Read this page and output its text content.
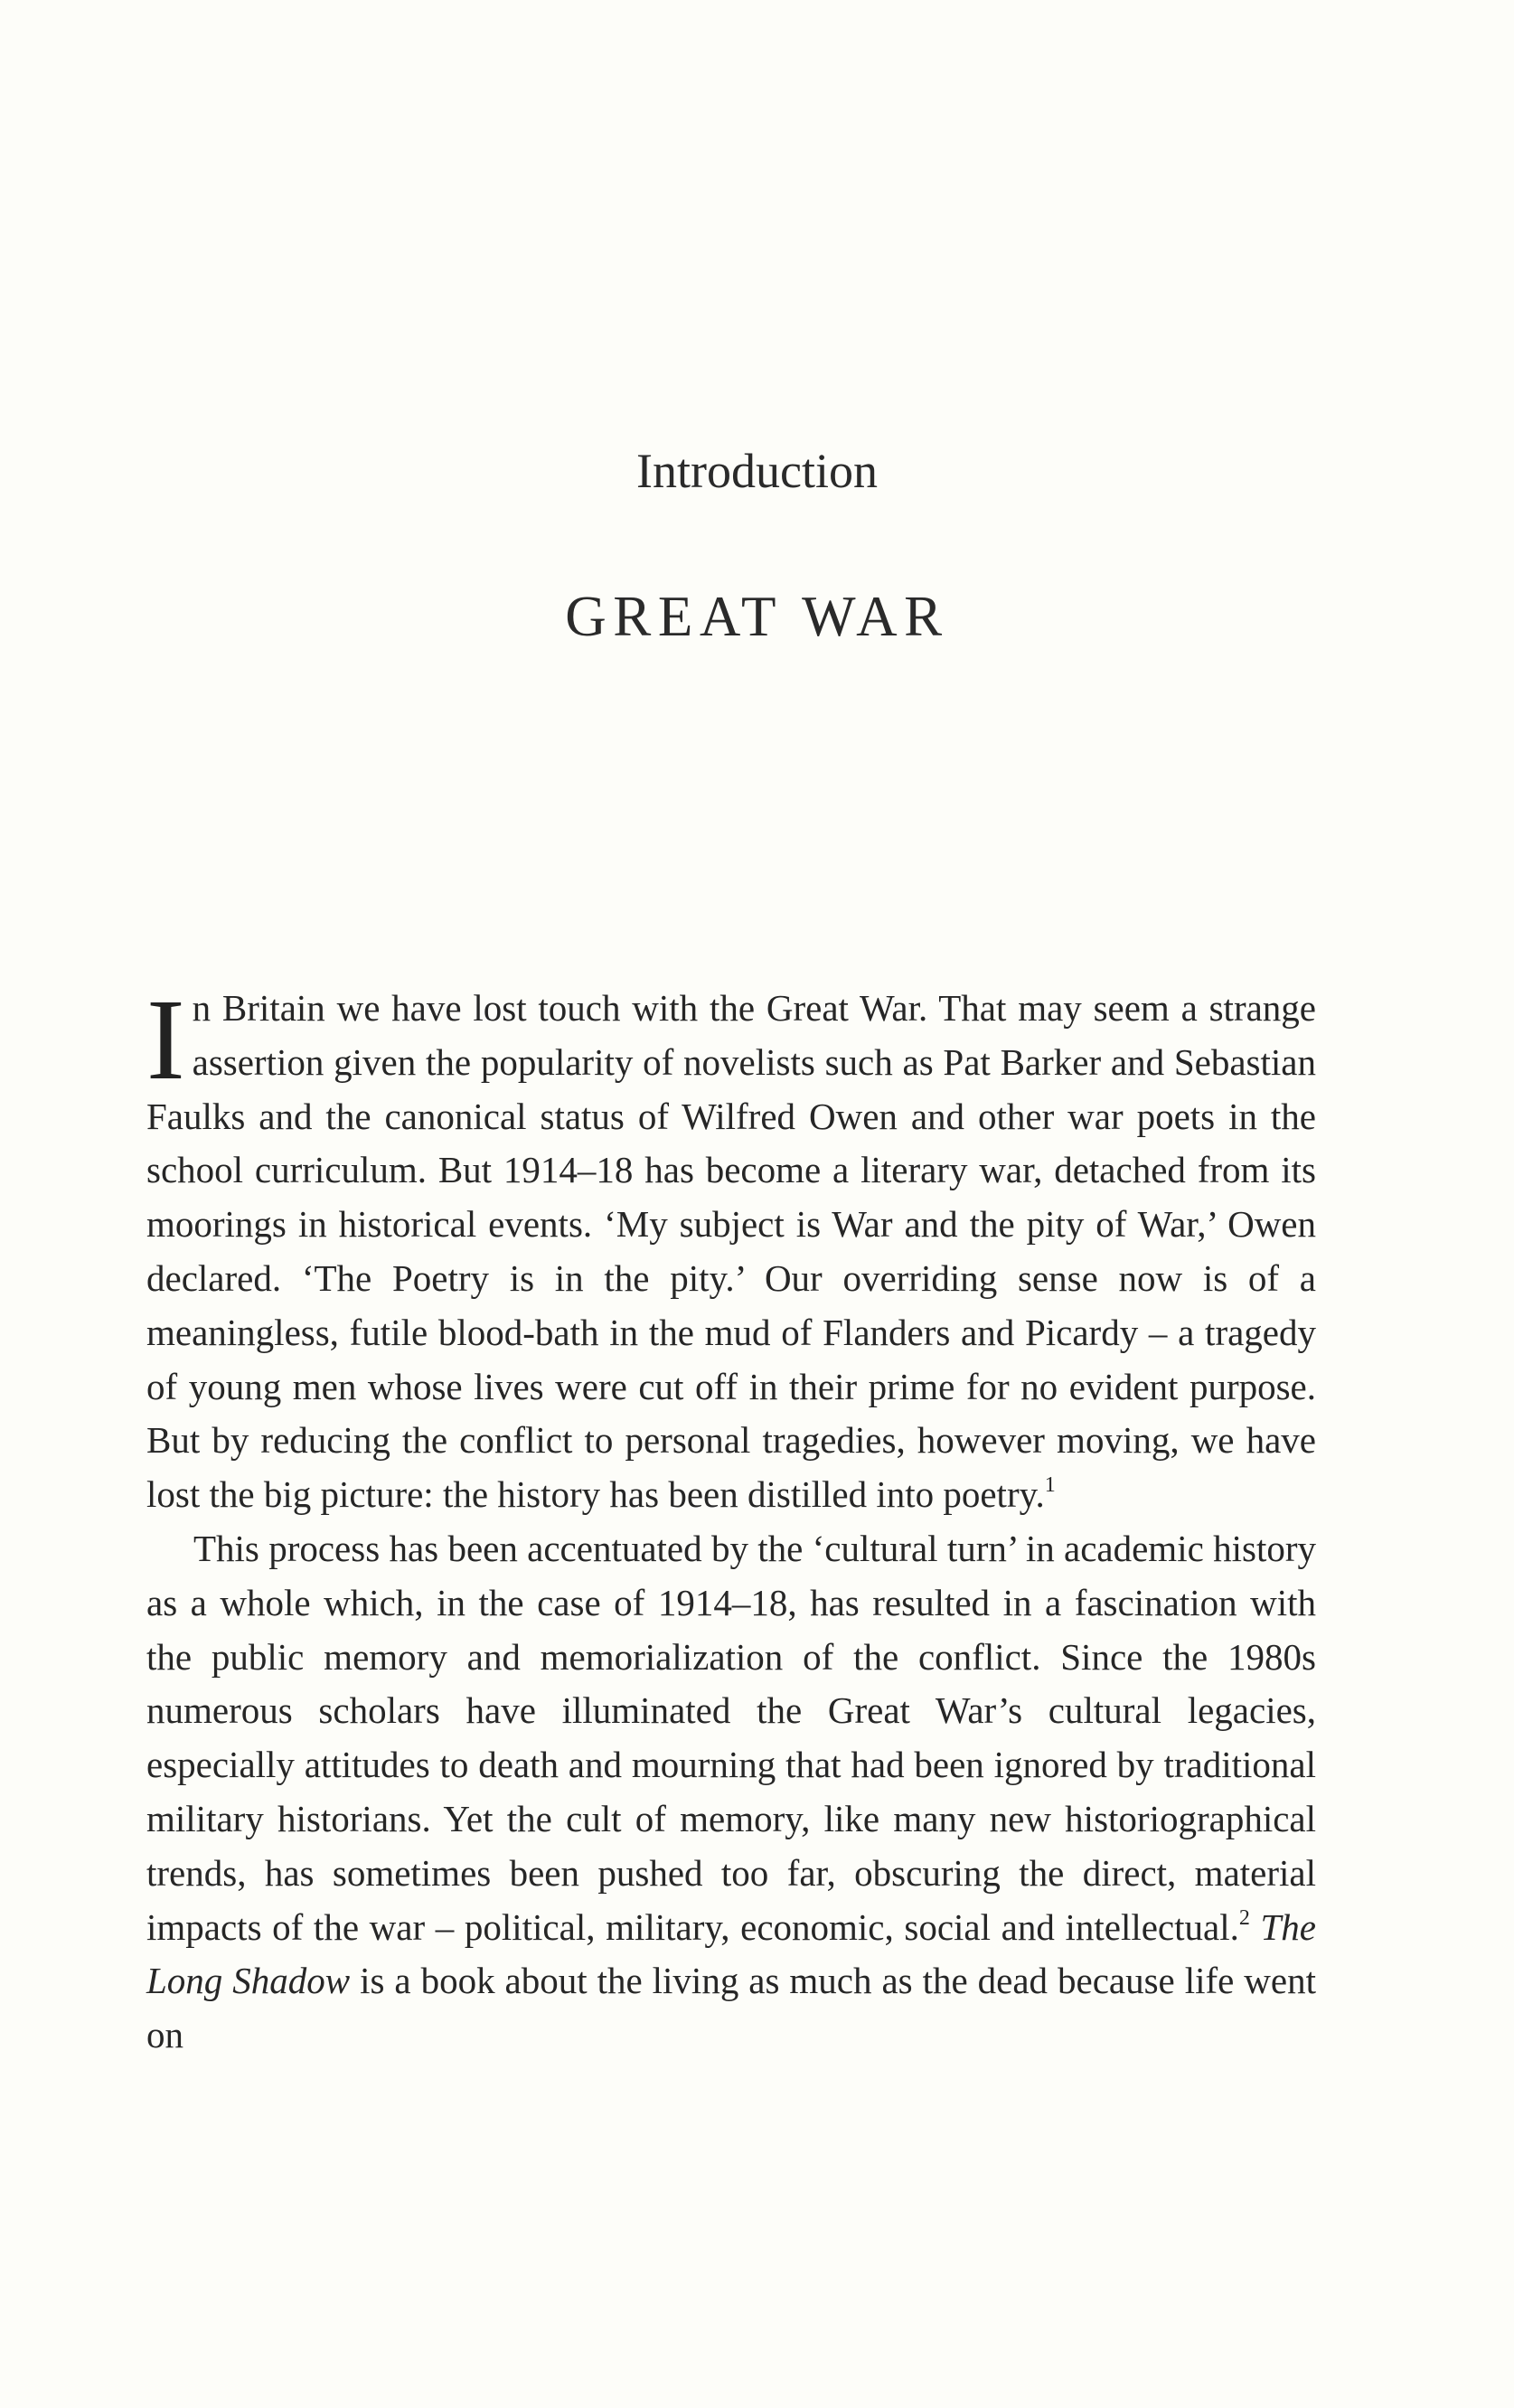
Introduction
GREAT WAR

In Britain we have lost touch with the Great War. That may seem a strange assertion given the popularity of novelists such as Pat Barker and Sebastian Faulks and the canonical status of Wilfred Owen and other war poets in the school curriculum. But 1914–18 has become a literary war, detached from its moorings in historical events. ‘My subject is War and the pity of War,’ Owen declared. ‘The Poetry is in the pity.’ Our overriding sense now is of a meaningless, futile blood-bath in the mud of Flanders and Picardy – a tragedy of young men whose lives were cut off in their prime for no evident purpose. But by reducing the conflict to personal tragedies, however moving, we have lost the big picture: the history has been distilled into poetry.$^1$

This process has been accentuated by the ‘cultural turn’ in academic history as a whole which, in the case of 1914–18, has resulted in a fascination with the public memory and memorialization of the conflict. Since the 1980s numerous scholars have illuminated the Great War’s cultural legacies, especially attitudes to death and mourning that had been ignored by traditional military historians. Yet the cult of memory, like many new historiographical trends, has sometimes been pushed too far, obscuring the direct, material impacts of the war – political, military, economic, social and intellectual.$^2$ The Long Shadow is a book about the living as much as the dead because life went on
